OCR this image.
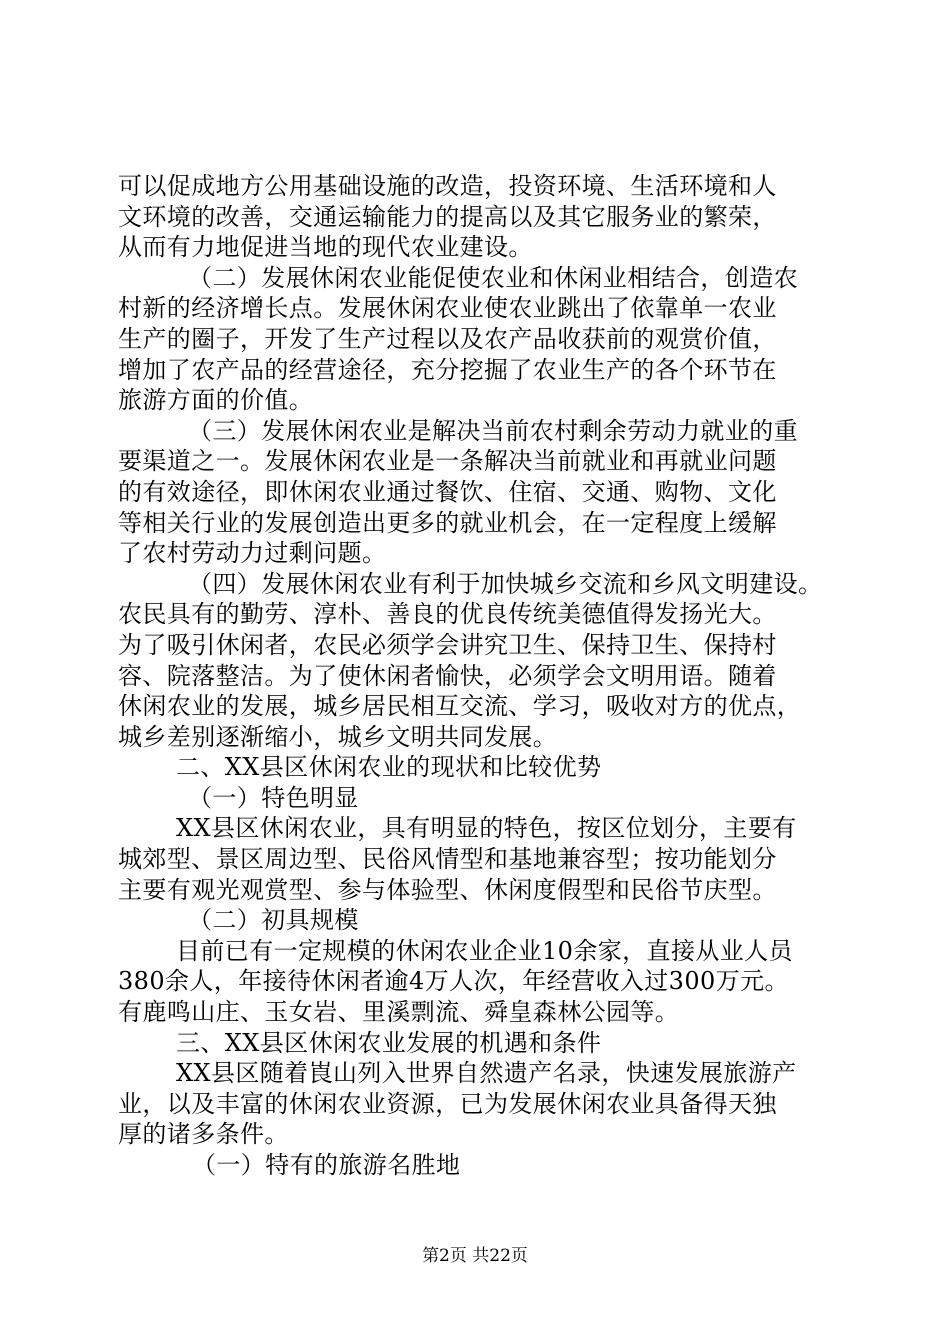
可以促成地方公用基础设施的改造，投资环境、生活环境和人
文环境的改善，交通运输能力的提高以及其它服务业的繁荣，
从而有力地促进当地的现代农业建设。
（二）发展休闲农业能促使农业和休闲业相结合，创造农
村新的经济增长点。发展休闲农业使农业跳出了依靠单一农业
生产的圈子，开发了生产过程以及农产品收获前的观赏价值，
增加了农产品的经营途径，充分挖掘了农业生产的各个环节在
旅游方面的价值。
（三）发展休闲农业是解决当前农村剩余劳动力就业的重
要渠道之一。发展休闲农业是一条解决当前就业和再就业问题
的有效途径，即休闲农业通过餐饮、住宿、交通、购物、文化
等相关行业的发展创造出更多的就业机会，在一定程度上缓解
了农村劳动力过剩问题。
（四）发展休闲农业有利于加快城乡交流和乡风文明建设。
农民具有的勤劳、淳朴、善良的优良传统美德值得发扬光大。
为了吸引休闲者，农民必须学会讲究卫生、保持卫生、保持村
容、院落整洁。为了使休闲者愉快，必须学会文明用语。随着
休闲农业的发展，城乡居民相互交流、学习，吸收对方的优点，
城乡差别逐渐缩小，城乡文明共同发展。
二、XX县区休闲农业的现状和比较优势
（一）特色明显
XX县区休闲农业，具有明显的特色，按区位划分，主要有
城郊型、景区周边型、民俗风情型和基地兼容型；按功能划分
主要有观光观赏型、参与体验型、休闲度假型和民俗节庆型。
（二）初具规模
目前已有一定规模的休闲农业企业10余家，直接从业人员
380余人，年接待休闲者逾4万人次，年经营收入过300万元。
有鹿鸣山庄、玉女岩、里溪剽流、舜皇森林公园等。
三、XX县区休闲农业发展的机遇和条件
XX县区随着崀山列入世界自然遗产名录，快速发展旅游产
业，以及丰富的休闲农业资源，已为发展休闲农业具备得天独
厚的诸多条件。
（一）特有的旅游名胜地
第2页 共22页
